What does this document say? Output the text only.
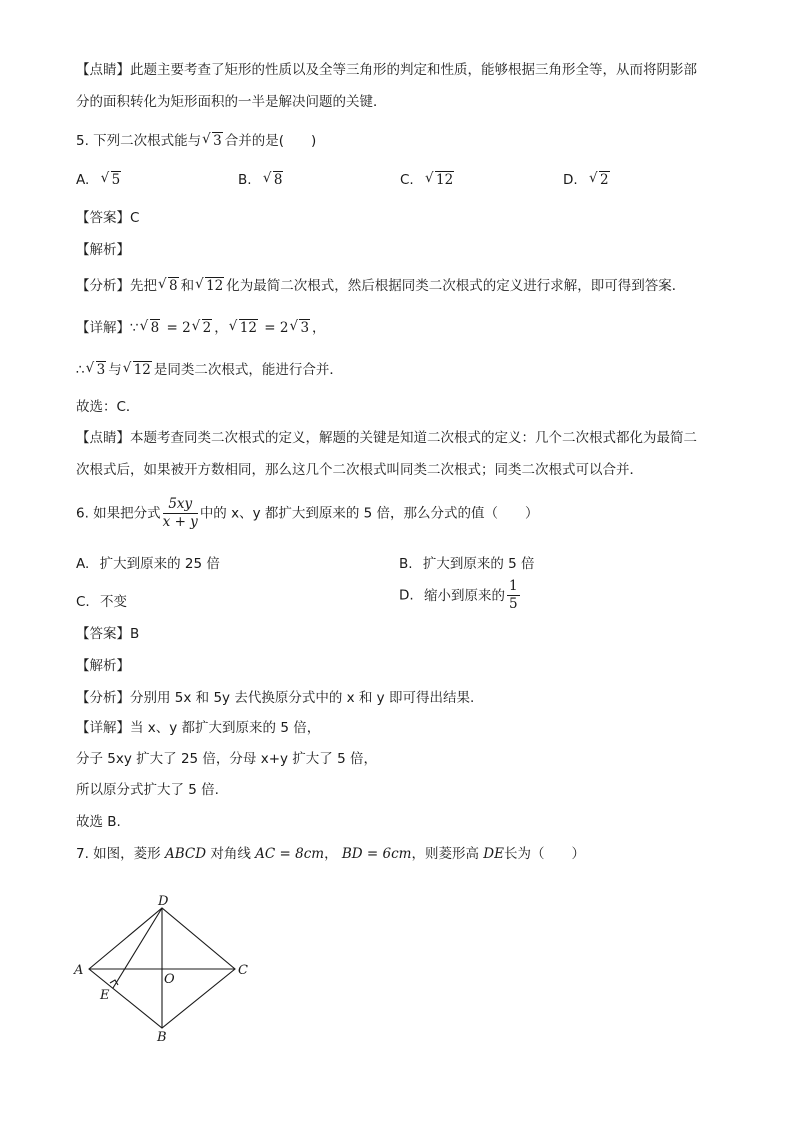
【点睛】此题主要考查了矩形的性质以及全等三角形的判定和性质，能够根据三角形全等，从而将阴影部
分的面积转化为矩形面积的一半是解决问题的关键．
5. 下列二次根式能与 √ 3 合并的是(　　)
A. √ 5	B. √ 8	C. √ 12	D. √ 2
【答案】C
【解析】
【分析】先把 √ 8 和 √ 12 化为最简二次根式，然后根据同类二次根式的定义进行求解，即可得到答案．
【详解】∵ √ 8 = 2 √ 2 ， √ 12 = 2 √ 3 ，
∴ √ 3 与 √ 12 是同类二次根式，能进行合并．
故选：C．
【点睛】本题考查同类二次根式的定义，解题的关键是知道二次根式的定义：几个二次根式都化为最简二
次根式后，如果被开方数相同，那么这几个二次根式叫同类二次根式；同类二次根式可以合并．
6. 如果把分式 $\frac{5xy}{x + y}$ 中的 x、y 都扩大到原来的 5 倍，那么分式的值（　　）
A. 扩大到原来的 25 倍	B. 扩大到原来的 5 倍
C. 不变	D. 缩小到原来的 $\frac{1}{5}$
【答案】B
【解析】
【分析】分别用 5x 和 5y 去代换原分式中的 x 和 y 即可得出结果.
【详解】当 x、y 都扩大到原来的 5 倍，
分子 5xy 扩大了 25 倍，分母 x+y 扩大了 5 倍，
所以原分式扩大了 5 倍.
故选 B.
7. 如图，菱形 ABCD 对角线 AC = 8cm， BD = 6cm，则菱形高 DE长为（　　）
D
A	C
O
E
B
